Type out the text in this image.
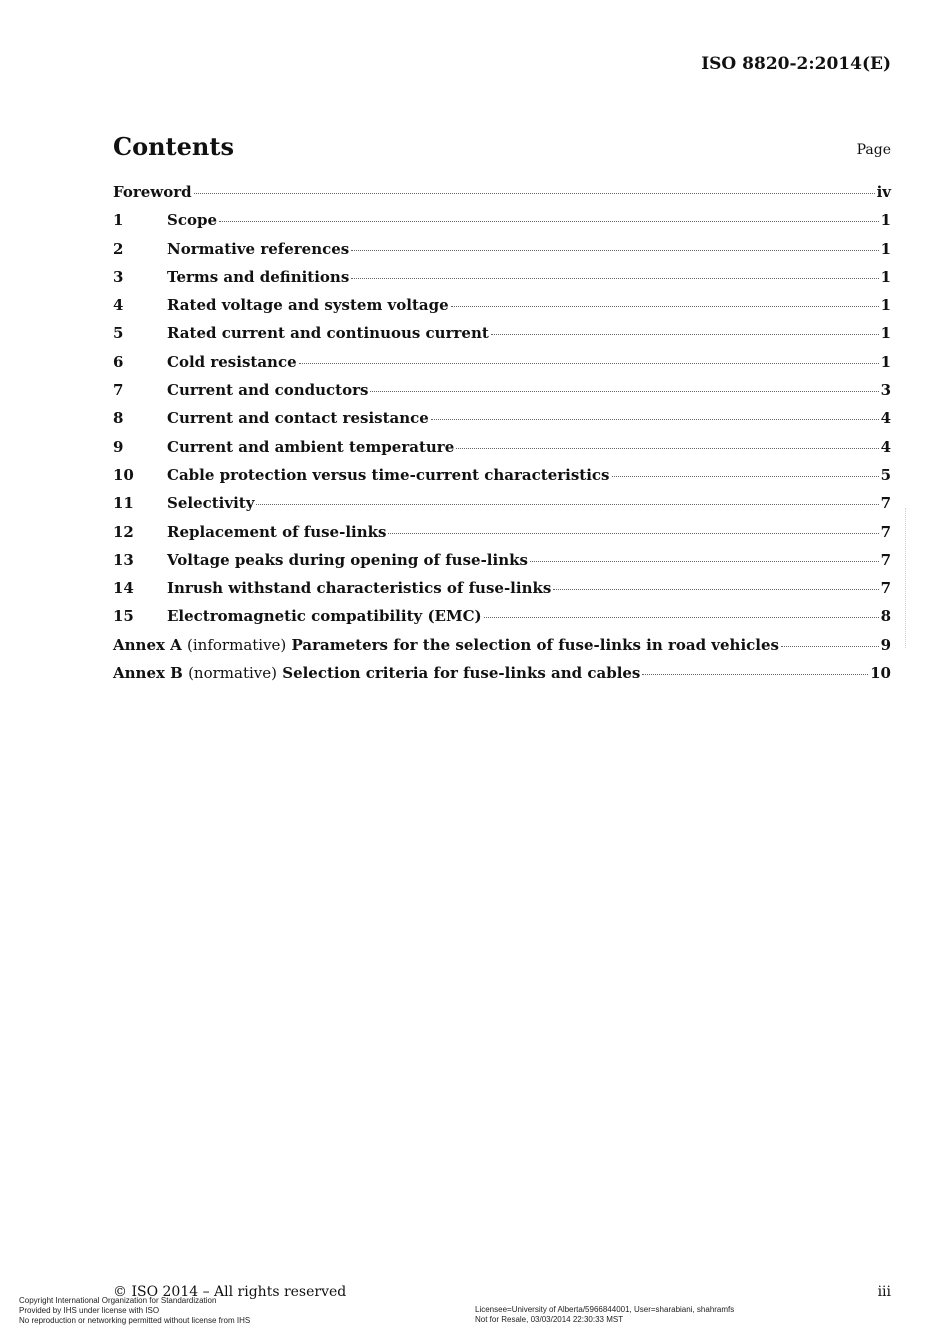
ISO 8820-2:2014(E)
Contents	Page
Foreword	iv
1	Scope	1
2	Normative references	1
3	Terms and definitions	1
4	Rated voltage and system voltage	1
5	Rated current and continuous current	1
6	Cold resistance	1
7	Current and conductors	3
8	Current and contact resistance	4
9	Current and ambient temperature	4
10	Cable protection versus time-current characteristics	5
11	Selectivity	7
12	Replacement of fuse-links	7
13	Voltage peaks during opening of fuse-links	7
14	Inrush withstand characteristics of fuse-links	7
15	Electromagnetic compatibility (EMC)	8
Annex A (informative) Parameters for the selection of fuse-links in road vehicles	9
Annex B (normative) Selection criteria for fuse-links and cables	10
© ISO 2014 – All rights reserved	iii
Copyright International Organization for Standardization
Provided by IHS under license with ISO
No reproduction or networking permitted without license from IHS
Licensee=University of Alberta/5966844001, User=sharabiani, shahramfs
Not for Resale, 03/03/2014 22:30:33 MST
